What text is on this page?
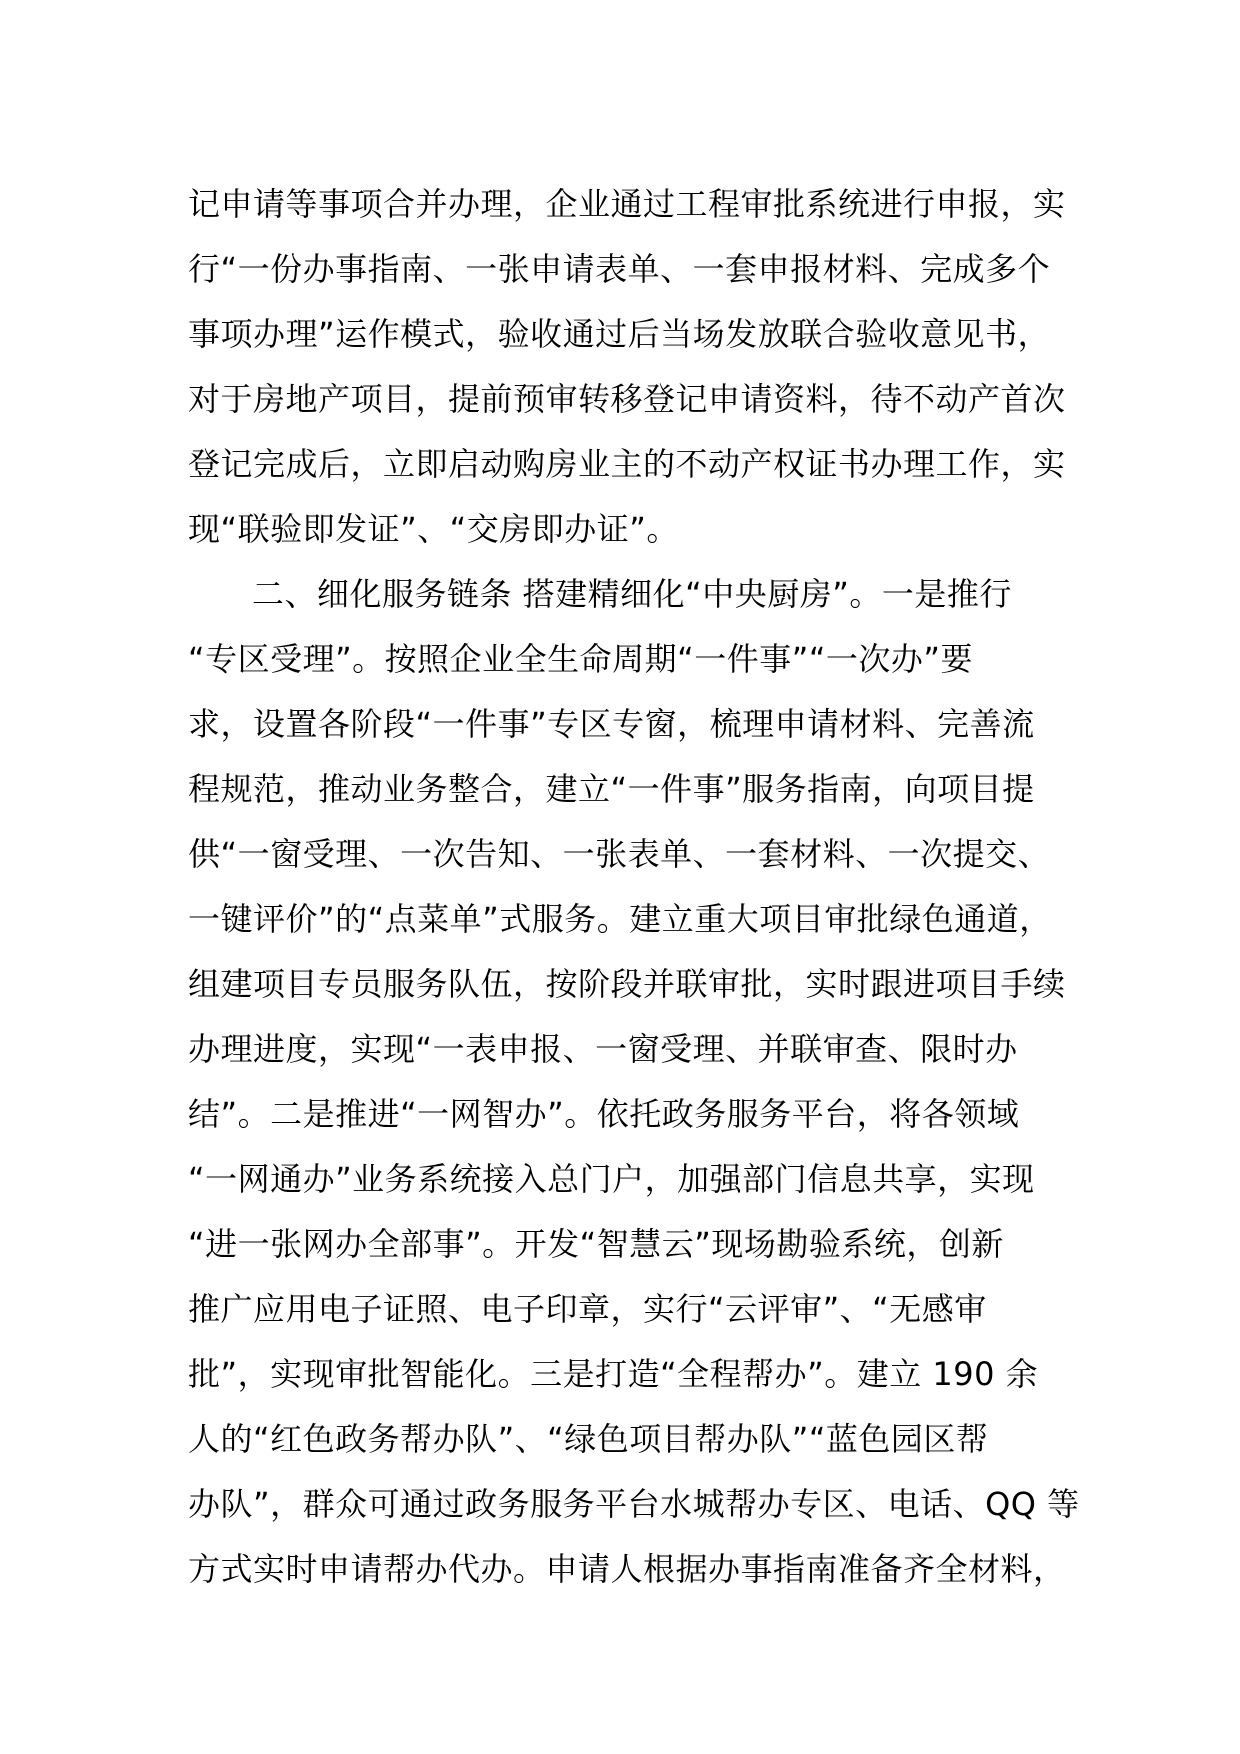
记申请等事项合并办理，企业通过工程审批系统进行申报，实
行“一份办事指南、一张申请表单、一套申报材料、完成多个
事项办理”运作模式，验收通过后当场发放联合验收意见书，
对于房地产项目，提前预审转移登记申请资料，待不动产首次
登记完成后，立即启动购房业主的不动产权证书办理工作，实
现“联验即发证”、“交房即办证”。
二、细化服务链条 搭建精细化“中央厨房”。一是推行
“专区受理”。按照企业全生命周期“一件事”“一次办”要
求，设置各阶段“一件事”专区专窗，梳理申请材料、完善流
程规范，推动业务整合，建立“一件事”服务指南，向项目提
供“一窗受理、一次告知、一张表单、一套材料、一次提交、
一键评价”的“点菜单”式服务。建立重大项目审批绿色通道，
组建项目专员服务队伍，按阶段并联审批，实时跟进项目手续
办理进度，实现“一表申报、一窗受理、并联审查、限时办
结”。二是推进“一网智办”。依托政务服务平台，将各领域
“一网通办”业务系统接入总门户，加强部门信息共享，实现
“进一张网办全部事”。开发“智慧云”现场勘验系统，创新
推广应用电子证照、电子印章，实行“云评审”、“无感审
批”，实现审批智能化。三是打造“全程帮办”。建立 190 余
人的“红色政务帮办队”、“绿色项目帮办队”“蓝色园区帮
办队”，群众可通过政务服务平台水城帮办专区、电话、QQ 等
方式实时申请帮办代办。申请人根据办事指南准备齐全材料，
